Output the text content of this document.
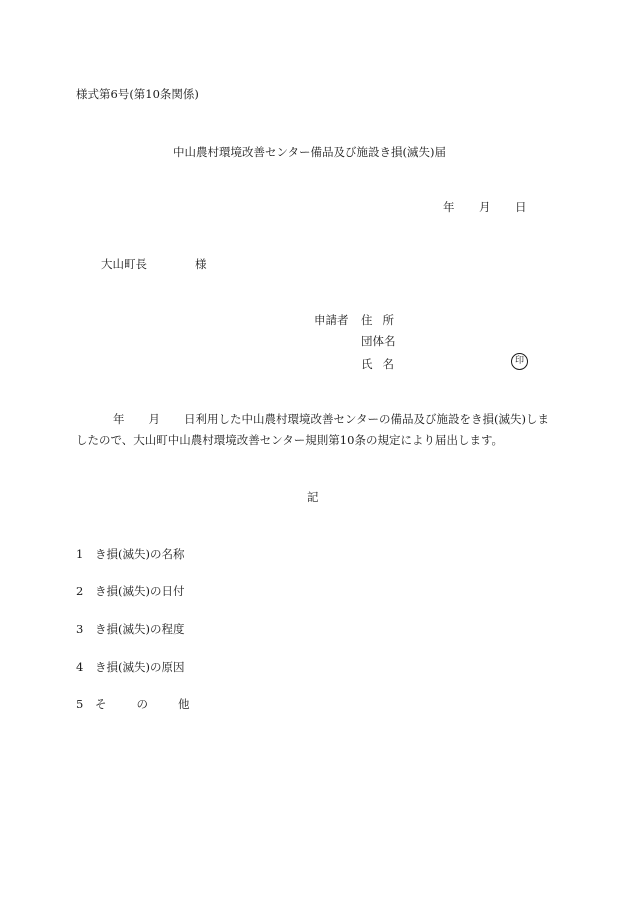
様式第6号(第10条関係)
中山農村環境改善センター備品及び施設き損(滅失)届
年 月 日
大山町長	様
申請者 住所
団体名
氏名	印
年 月 日利用した中山農村環境改善センターの備品及び施設をき損(滅失)しましたので、大山町中山農村環境改善センター規則第10条の規定により届出します。
記
1 き損(滅失)の名称
2 き損(滅失)の日付
3 き損(滅失)の程度
4 き損(滅失)の原因
5 そ	の	他
